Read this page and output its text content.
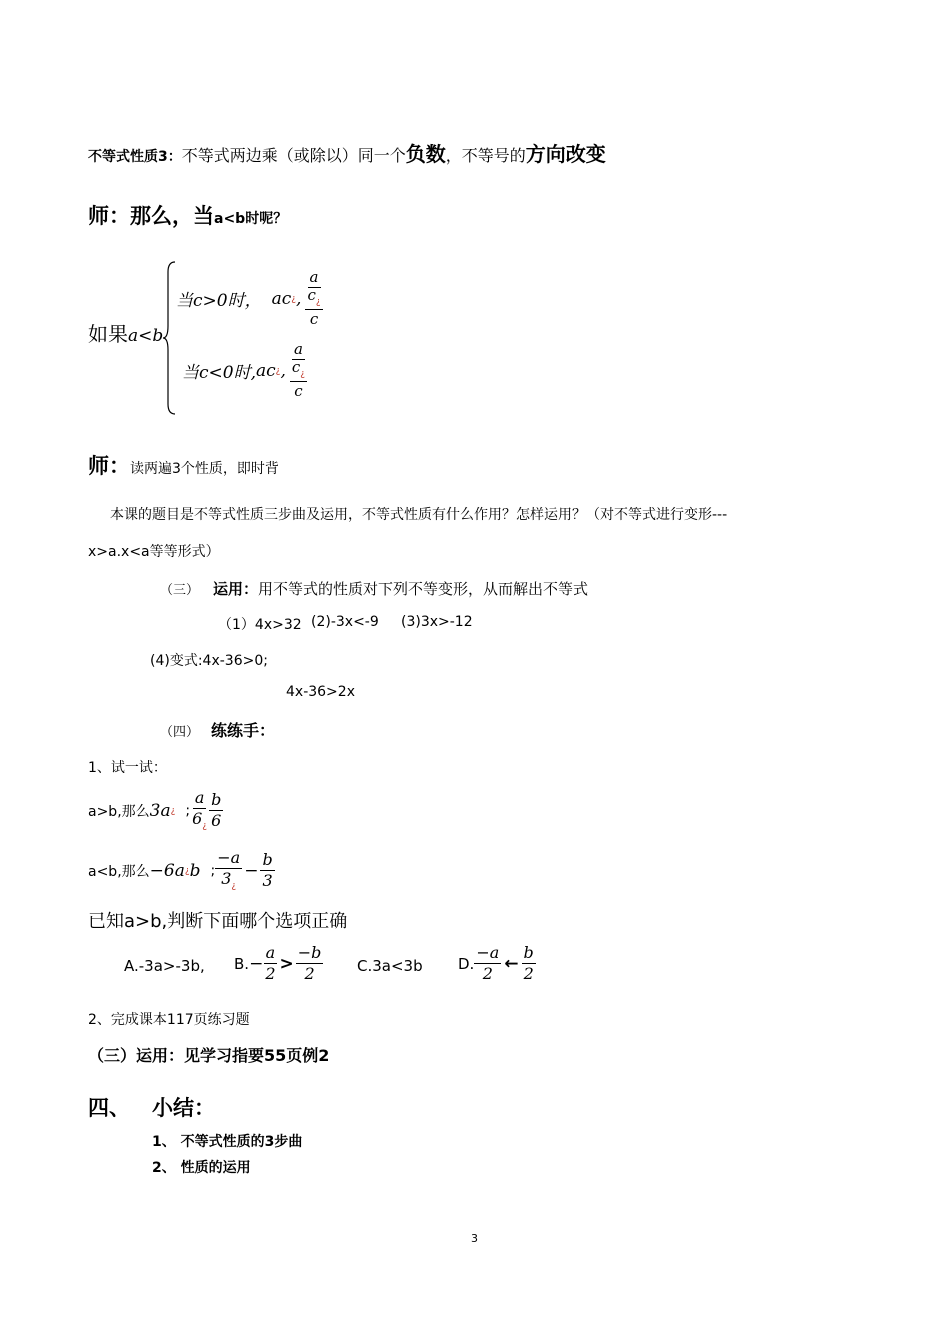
不等式性质3：不等式两边乘（或除以）同一个负数，不等号的方向改变
师：那么，当a<b时呢？
如果a<b
当c>0时， ac ¿ ,
a
$c_¿$
c
当c<0时, ac ¿ ,
a
$c_¿$
c
师：读两遍3个性质，即时背
本课的题目是不等式性质三步曲及运用，不等式性质有什么作用？怎样运用？（对不等式进行变形---
x>a.x<a等等形式）
（三） 运用：用不等式的性质对下列不等变形，从而解出不等式
（1）4x>32 (2)-3x<-9 (3)3x>-12
(4)变式:4x-36>0;
4x-36>2x
（四） 练练手：
1、试一试：
a>b,那么 3a ¿ ; $\frac{a}{6_¿} \frac{b}{6}$
a<b,那么 −6a ¿ b ; $\frac{-a}{3_¿} - \frac{b}{3}$
已知a>b,判断下面哪个选项正确
A.-3a>-3b, B. − $\frac{a}{2} > \frac{-b}{2} C.3a<3b$ D. $\frac{-a}{2}$ ← $\frac{b}{2}$
2、完成课本117页练习题
（三）运用：见学习指要55页例2
四、 小结：
1、 不等式性质的3步曲
2、 性质的运用
3
